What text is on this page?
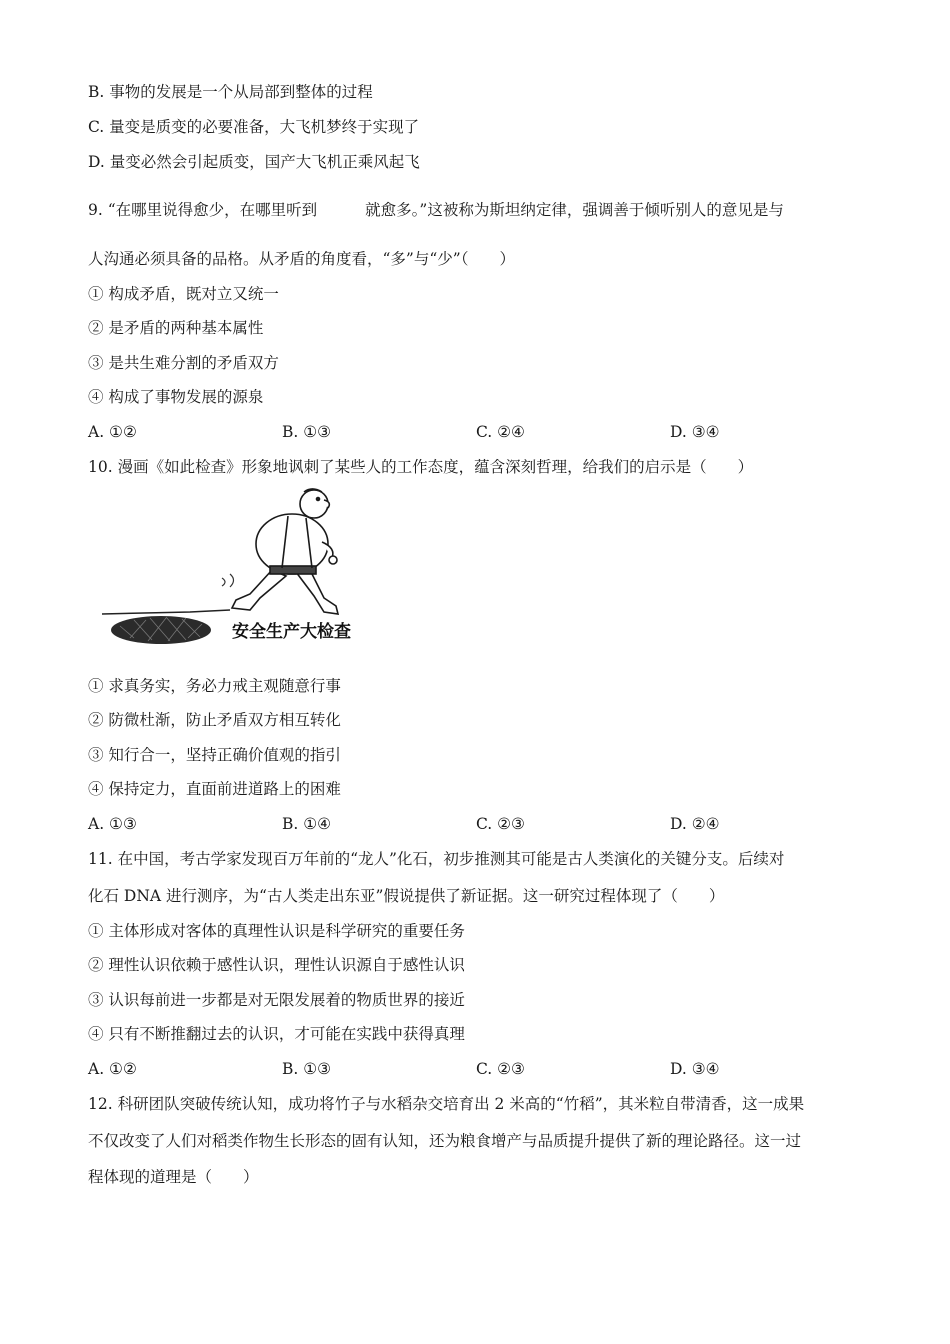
B. 事物的发展是一个从局部到整体的过程
C. 量变是质变的必要准备，大飞机梦终于实现了
D. 量变必然会引起质变，国产大飞机正乘风起飞
9. “在哪里说得愈少，在哪里听到	就愈多。”这被称为斯坦纳定律，强调善于倾听别人的意见是与
人沟通必须具备的品格。从矛盾的角度看，“多”与“少”（　　）
① 构成矛盾，既对立又统一
② 是矛盾的两种基本属性
③ 是共生难分割的矛盾双方
④ 构成了事物发展的源泉
A. ①②	B. ①③	C. ②④	D. ③④
10. 漫画《如此检查》形象地讽刺了某些人的工作态度，蕴含深刻哲理，给我们的启示是（　　）
安全生产大检查
① 求真务实，务必力戒主观随意行事
② 防微杜渐，防止矛盾双方相互转化
③ 知行合一，坚持正确价值观的指引
④ 保持定力，直面前进道路上的困难
A. ①③	B. ①④	C. ②③	D. ②④
11. 在中国，考古学家发现百万年前的“龙人”化石，初步推测其可能是古人类演化的关键分支。后续对
化石 DNA 进行测序，为“古人类走出东亚”假说提供了新证据。这一研究过程体现了（　　）
① 主体形成对客体的真理性认识是科学研究的重要任务
② 理性认识依赖于感性认识，理性认识源自于感性认识
③ 认识每前进一步都是对无限发展着的物质世界的接近
④ 只有不断推翻过去的认识，才可能在实践中获得真理
A. ①②	B. ①③	C. ②③	D. ③④
12. 科研团队突破传统认知，成功将竹子与水稻杂交培育出 2 米高的“竹稻”，其米粒自带清香，这一成果
不仅改变了人们对稻类作物生长形态的固有认知，还为粮食增产与品质提升提供了新的理论路径。这一过
程体现的道理是（　　）
